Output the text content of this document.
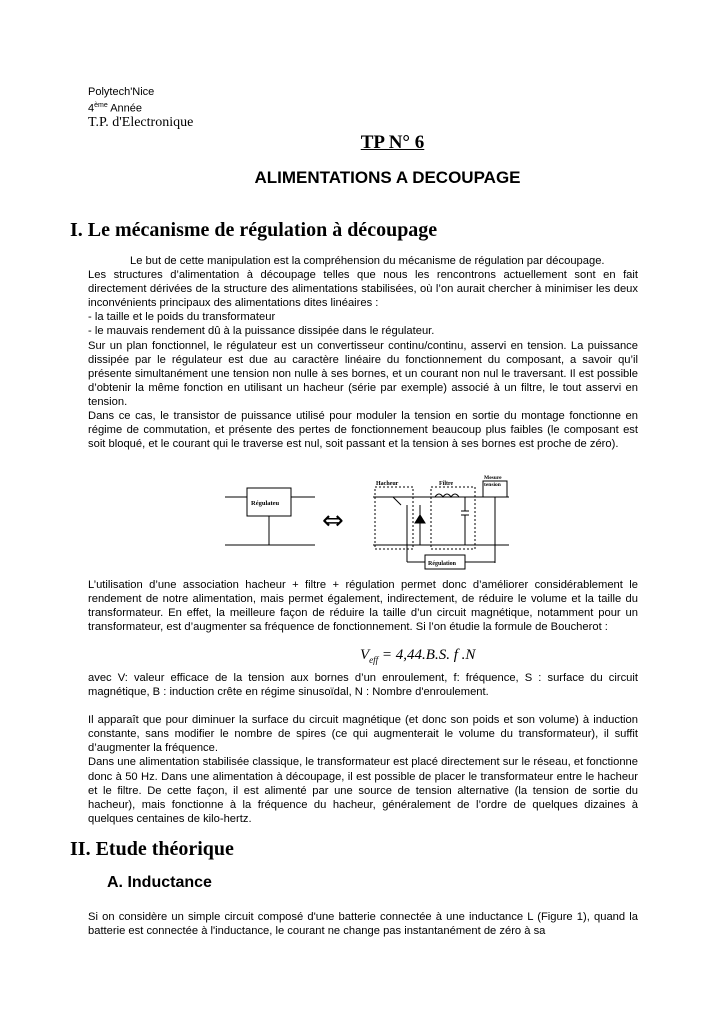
Polytech'Nice
4ème Année
T.P. d'Electronique
TP N° 6
ALIMENTATIONS A DECOUPAGE
I. Le mécanisme de régulation à découpage

Le but de cette manipulation est la compréhension du mécanisme de régulation par découpage.

Les structures d’alimentation à découpage telles que nous les rencontrons actuellement sont en fait directement dérivées de la structure des alimentations stabilisées, où l’on aurait chercher à minimiser les deux inconvénients principaux des alimentations dites linéaires :

- la taille et le poids du transformateur

- le mauvais rendement dû à la puissance dissipée dans le régulateur.

Sur un plan fonctionnel, le régulateur est un convertisseur continu/continu, asservi en tension. La puissance dissipée par le régulateur est due au caractère linéaire du fonctionnement du composant, a savoir qu’il présente simultanément une tension non nulle à ses bornes, et un courant non nul le traversant. Il est possible d’obtenir la même fonction en utilisant un hacheur (série par exemple) associé à un filtre, le tout asservi en tension.

Dans ce cas, le transistor de puissance utilisé pour moduler la tension en sortie du montage fonctionne en régime de commutation, et présente des pertes de fonctionnement beaucoup plus faibles (le composant est soit bloqué, et le courant qui le traverse est nul, soit passant et la tension à ses bornes est proche de zéro).

Régulateu
⇔
Hacheur	Filtre
Mesure
tension
Régulation

L’utilisation d’une association hacheur + filtre + régulation permet donc d’améliorer considérablement le rendement de notre alimentation, mais permet également, indirectement, de réduire le volume et la taille du transformateur. En effet, la meilleure façon de réduire la taille d’un circuit magnétique, notamment pour un transformateur, est d’augmenter sa fréquence de fonctionnement. Si l’on étudie la formule de Boucherot :

$V_{eff} = 4,44.B.S$. f .N

avec V: valeur efficace de la tension aux bornes d’un enroulement, f: fréquence, S : surface du circuit magnétique, B : induction crête en régime sinusoïdal, N : Nombre d'enroulement.

Il apparaît que pour diminuer la surface du circuit magnétique (et donc son poids et son volume) à induction constante, sans modifier le nombre de spires (ce qui augmenterait le volume du transformateur), il suffit d’augmenter la fréquence.

Dans une alimentation stabilisée classique, le transformateur est placé directement sur le réseau, et fonctionne donc à 50 Hz. Dans une alimentation à découpage, il est possible de placer le transformateur entre le hacheur et le filtre. De cette façon, il est alimenté par une source de tension alternative (la tension de sortie du hacheur), mais fonctionne à la fréquence du hacheur, généralement de l’ordre de quelques dizaines à quelques centaines de kilo-hertz.

II. Etude théorique
A. Inductance

Si on considère un simple circuit composé d'une batterie connectée à une inductance L (Figure 1), quand la batterie est connectée à l'inductance, le courant ne change pas instantanément de zéro à sa
